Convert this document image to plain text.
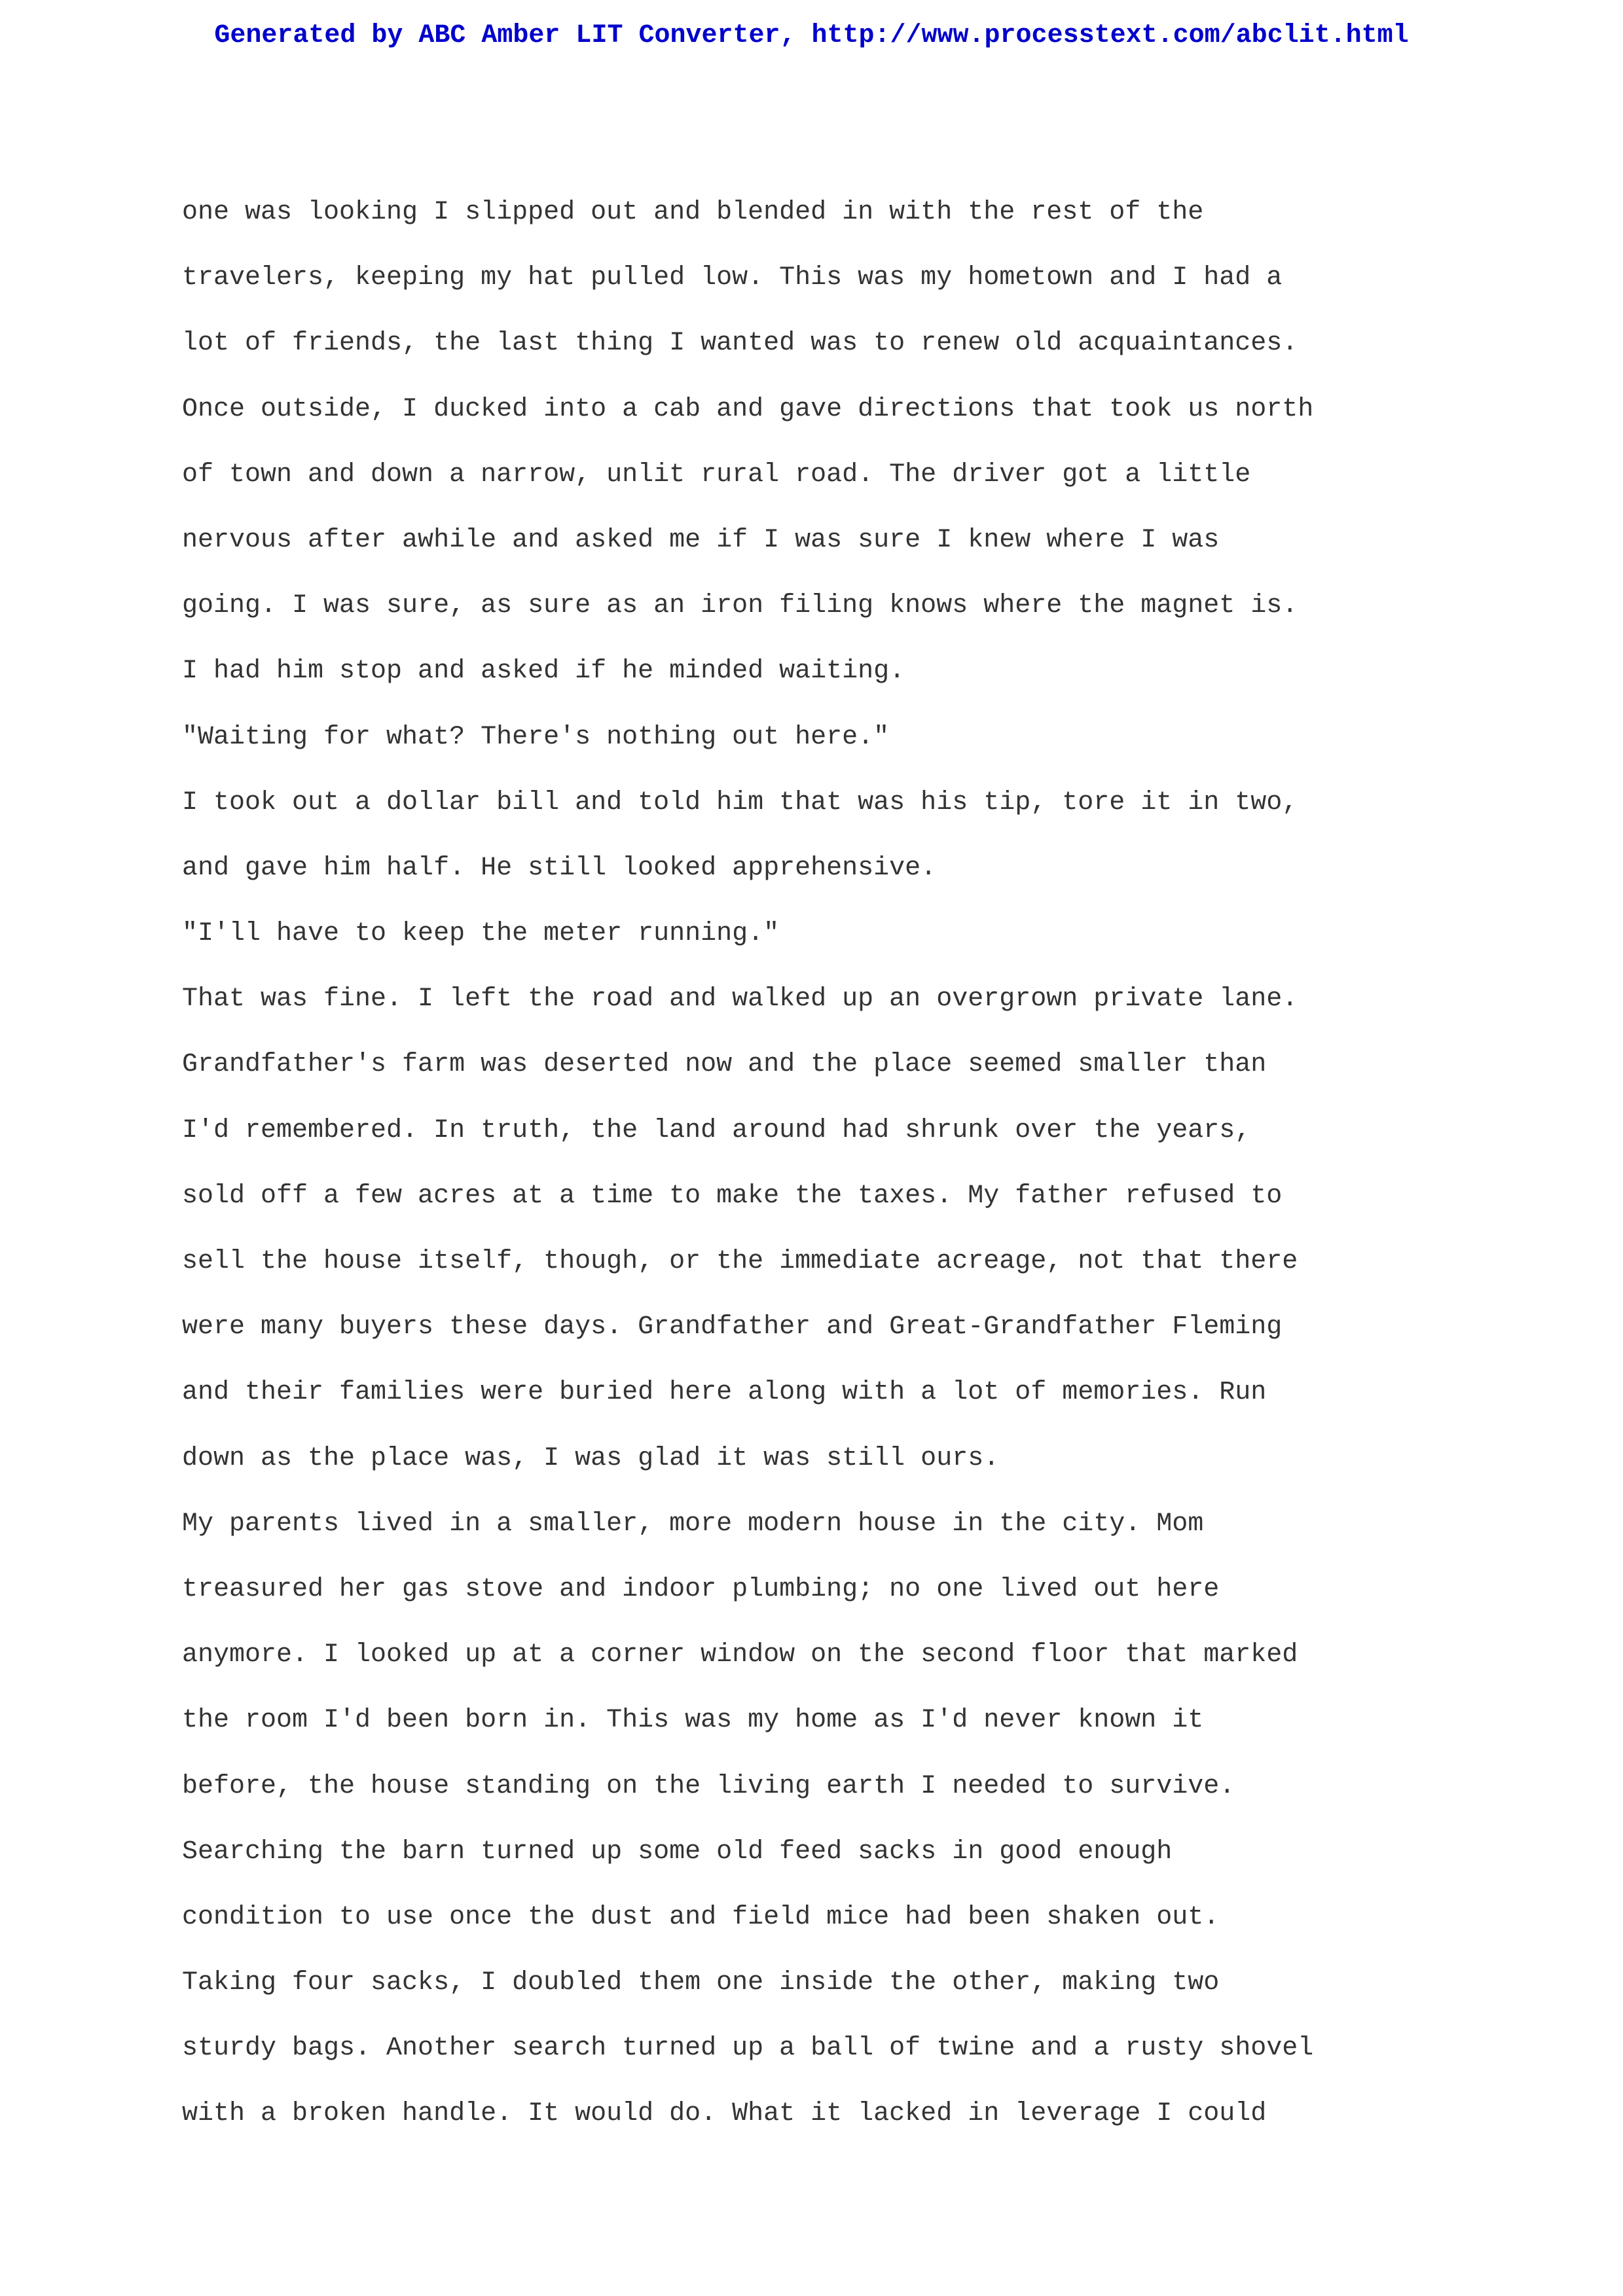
Generated by ABC Amber LIT Converter, http://www.processtext.com/abclit.html
one was looking I slipped out and blended in with the rest of the
travelers, keeping my hat pulled low. This was my hometown and I had a
lot of friends, the last thing I wanted was to renew old acquaintances.
Once outside, I ducked into a cab and gave directions that took us north
of town and down a narrow, unlit rural road. The driver got a little
nervous after awhile and asked me if I was sure I knew where I was
going. I was sure, as sure as an iron filing knows where the magnet is.
I had him stop and asked if he minded waiting.
"Waiting for what? There's nothing out here."
I took out a dollar bill and told him that was his tip, tore it in two,
and gave him half. He still looked apprehensive.
"I'll have to keep the meter running."
That was fine. I left the road and walked up an overgrown private lane.
Grandfather's farm was deserted now and the place seemed smaller than
I'd remembered. In truth, the land around had shrunk over the years,
sold off a few acres at a time to make the taxes. My father refused to
sell the house itself, though, or the immediate acreage, not that there
were many buyers these days. Grandfather and Great-Grandfather Fleming
and their families were buried here along with a lot of memories. Run
down as the place was, I was glad it was still ours.
My parents lived in a smaller, more modern house in the city. Mom
treasured her gas stove and indoor plumbing; no one lived out here
anymore. I looked up at a corner window on the second floor that marked
the room I'd been born in. This was my home as I'd never known it
before, the house standing on the living earth I needed to survive.
Searching the barn turned up some old feed sacks in good enough
condition to use once the dust and field mice had been shaken out.
Taking four sacks, I doubled them one inside the other, making two
sturdy bags. Another search turned up a ball of twine and a rusty shovel
with a broken handle. It would do. What it lacked in leverage I could
